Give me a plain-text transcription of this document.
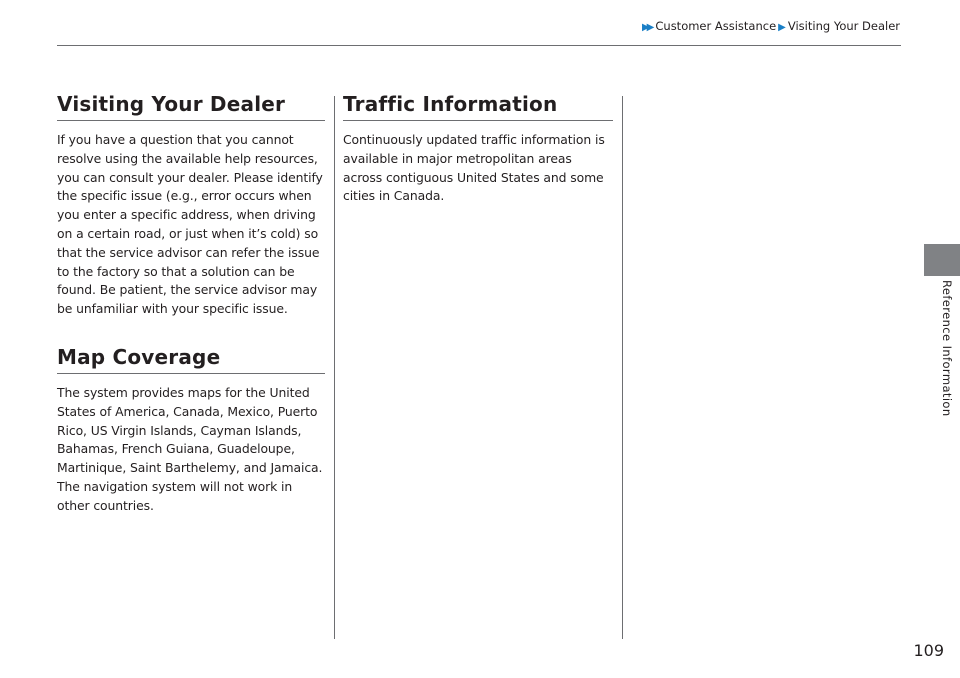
▶▶ Customer Assistance ▶ Visiting Your Dealer
Visiting Your Dealer

If you have a question that you cannot resolve using the available help resources, you can consult your dealer. Please identify the specific issue (e.g., error occurs when you enter a specific address, when driving on a certain road, or just when it’s cold) so that the service advisor can refer the issue to the factory so that a solution can be found. Be patient, the service advisor may be unfamiliar with your specific issue.

Map Coverage

The system provides maps for the United States of America, Canada, Mexico, Puerto Rico, US Virgin Islands, Cayman Islands, Bahamas, French Guiana, Guadeloupe, Martinique, Saint Barthelemy, and Jamaica. The navigation system will not work in other countries.

Traffic Information

Continuously updated traffic information is available in major metropolitan areas across contiguous United States and some cities in Canada.

Reference Information
109
